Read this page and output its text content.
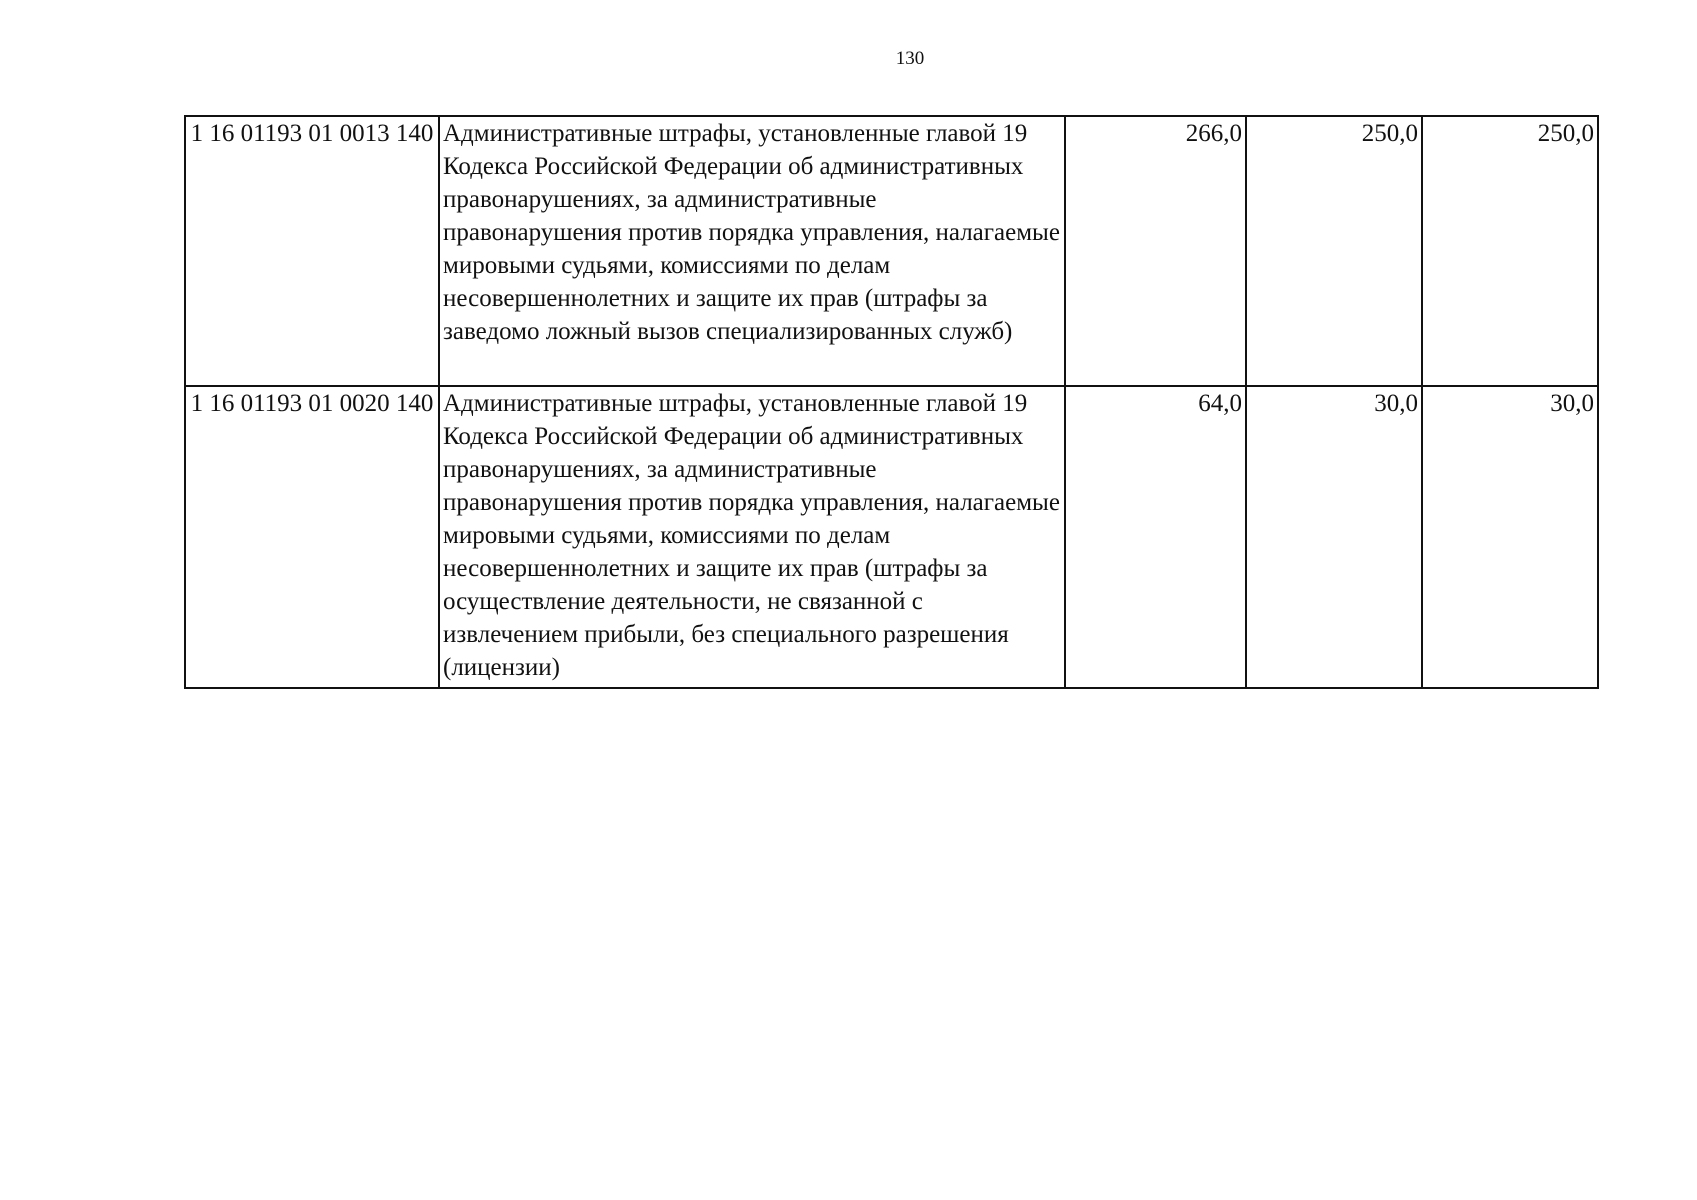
130
1 16 01193 01 0013 140	Административные штрафы, установленные главой 19 Кодекса Российской Федерации об административных правонарушениях, за административные правонарушения против порядка управления, налагаемые мировыми судьями, комиссиями по делам несовершеннолетних и защите их прав (штрафы за заведомо ложный вызов специализированных служб)	266,0	250,0	250,0
1 16 01193 01 0020 140	Административные штрафы, установленные главой 19 Кодекса Российской Федерации об административных правонарушениях, за административные правонарушения против порядка управления, налагаемые мировыми судьями, комиссиями по делам несовершеннолетних и защите их прав (штрафы за осуществление деятельности, не связанной с извлечением прибыли, без специального разрешения (лицензии)	64,0	30,0	30,0
